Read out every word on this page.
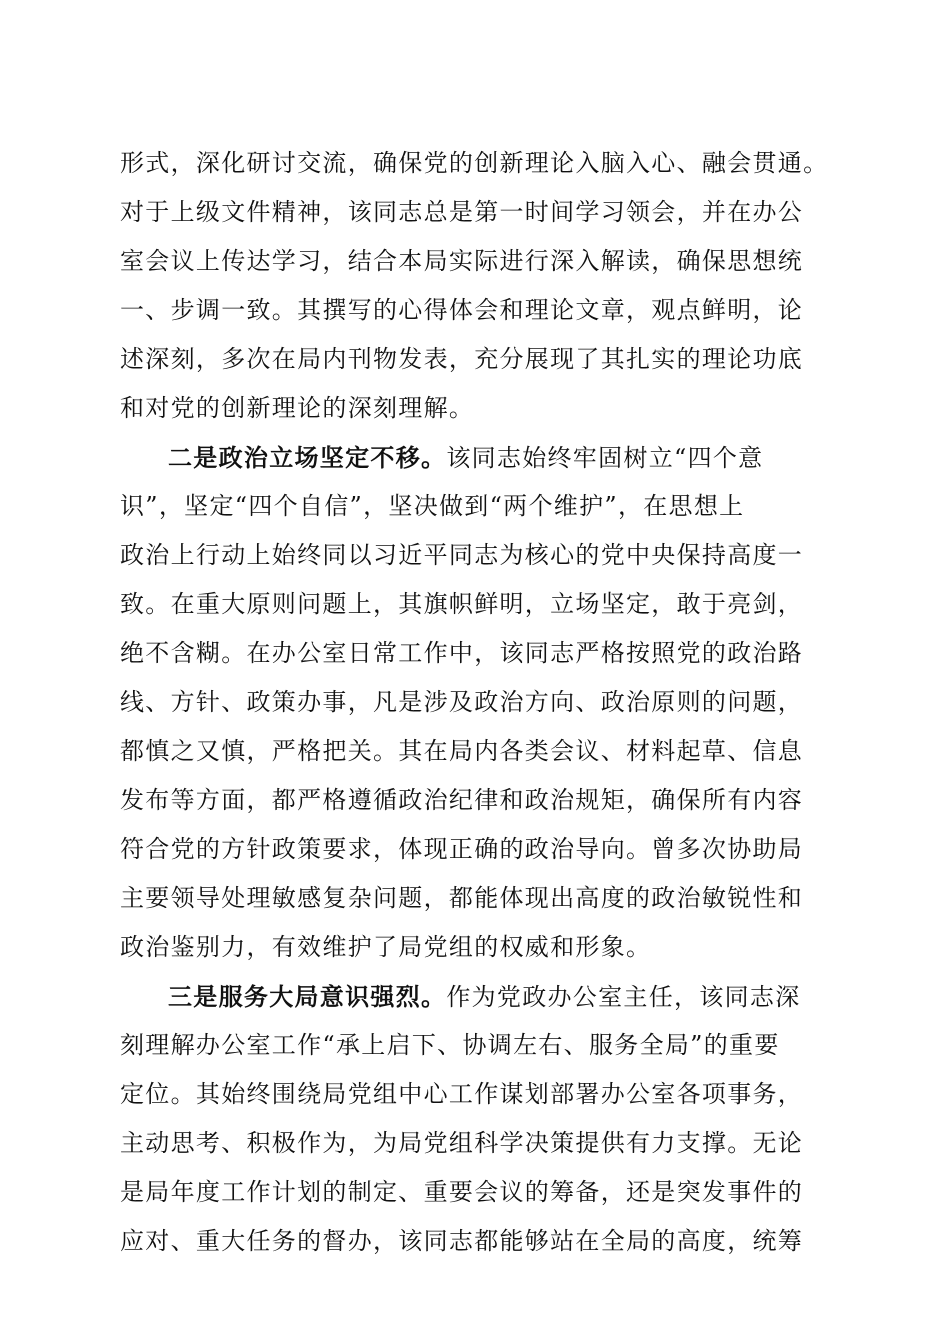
形式，深化研讨交流，确保党的创新理论入脑入心、融会贯通。
对于上级文件精神，该同志总是第一时间学习领会，并在办公
室会议上传达学习，结合本局实际进行深入解读，确保思想统
一、步调一致。其撰写的心得体会和理论文章，观点鲜明，论
述深刻，多次在局内刊物发表，充分展现了其扎实的理论功底
和对党的创新理论的深刻理解。
二是政治立场坚定不移。该同志始终牢固树立“四个意
识”，坚定“四个自信”，坚决做到“两个维护”，在思想上
政治上行动上始终同以习近平同志为核心的党中央保持高度一
致。在重大原则问题上，其旗帜鲜明，立场坚定，敢于亮剑，
绝不含糊。在办公室日常工作中，该同志严格按照党的政治路
线、方针、政策办事，凡是涉及政治方向、政治原则的问题，
都慎之又慎，严格把关。其在局内各类会议、材料起草、信息
发布等方面，都严格遵循政治纪律和政治规矩，确保所有内容
符合党的方针政策要求，体现正确的政治导向。曾多次协助局
主要领导处理敏感复杂问题，都能体现出高度的政治敏锐性和
政治鉴别力，有效维护了局党组的权威和形象。
三是服务大局意识强烈。作为党政办公室主任，该同志深
刻理解办公室工作“承上启下、协调左右、服务全局”的重要
定位。其始终围绕局党组中心工作谋划部署办公室各项事务，
主动思考、积极作为，为局党组科学决策提供有力支撑。无论
是局年度工作计划的制定、重要会议的筹备，还是突发事件的
应对、重大任务的督办，该同志都能够站在全局的高度，统筹
